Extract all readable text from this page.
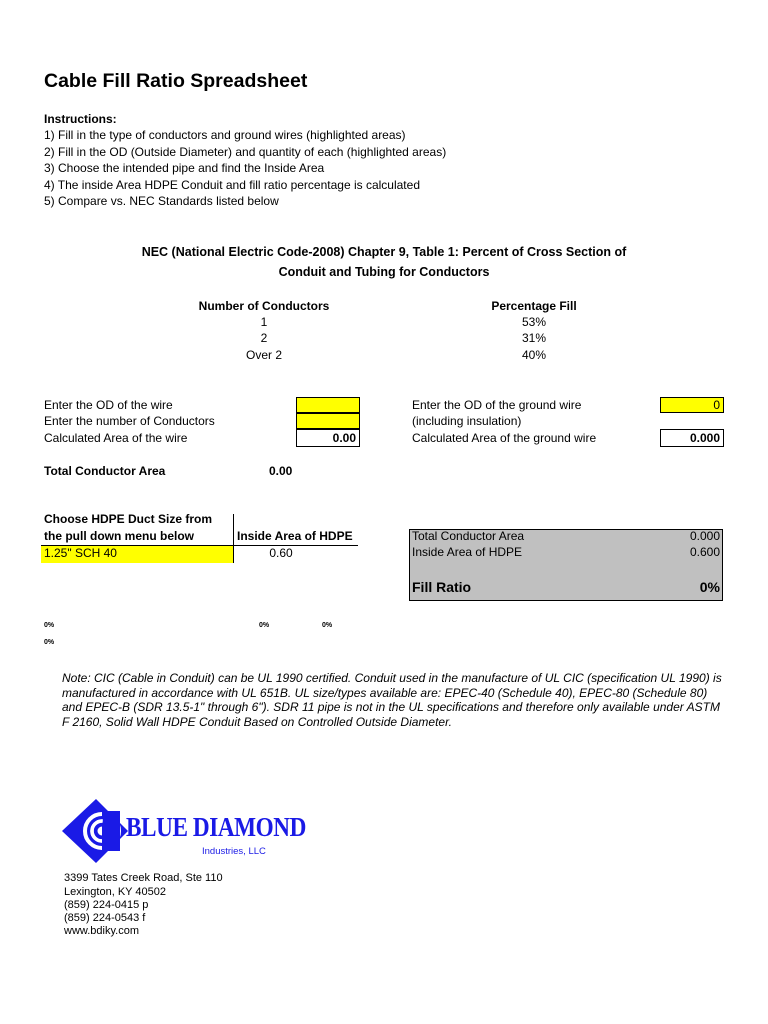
Cable Fill Ratio Spreadsheet
Instructions:
1) Fill in the type of conductors and ground wires (highlighted areas)
2) Fill in the OD (Outside Diameter) and quantity of each (highlighted areas)
3) Choose the intended pipe and find the Inside Area
4) The inside Area HDPE Conduit and fill ratio percentage is calculated
5) Compare vs. NEC Standards listed below
NEC (National Electric Code-2008) Chapter 9, Table 1: Percent of Cross Section of
Conduit and Tubing for Conductors
Number of Conductors	Percentage Fill
1	53%
2	31%
Over 2	40%
Enter the OD of the wire
Enter the number of Conductors
Calculated Area of the wire	0.00
Enter the OD of the ground wire	0
(including insulation)
Calculated Area of the ground wire	0.000
Total Conductor Area	0.00
Choose HDPE Duct Size from
the pull down menu below	Inside Area of HDPE
1.25" SCH 40	0.60
Total Conductor Area	0.000
Inside Area of HDPE	0.600
Fill Ratio	0%
0%	0%	0%
0%
Note: CIC (Cable in Conduit) can be UL 1990 certified. Conduit used in the manufacture of UL CIC (specification UL 1990) is manufactured in accordance with UL 651B. UL size/types available are: EPEC-40 (Schedule 40), EPEC-80 (Schedule 80) and EPEC-B (SDR 13.5-1" through 6"). SDR 11 pipe is not in the UL specifications and therefore only available under ASTM F 2160, Solid Wall HDPE Conduit Based on Controlled Outside Diameter.
BLUE DIAMOND
Industries, LLC
3399 Tates Creek Road, Ste 110
Lexington, KY 40502
(859) 224-0415 p
(859) 224-0543 f
www.bdiky.com
